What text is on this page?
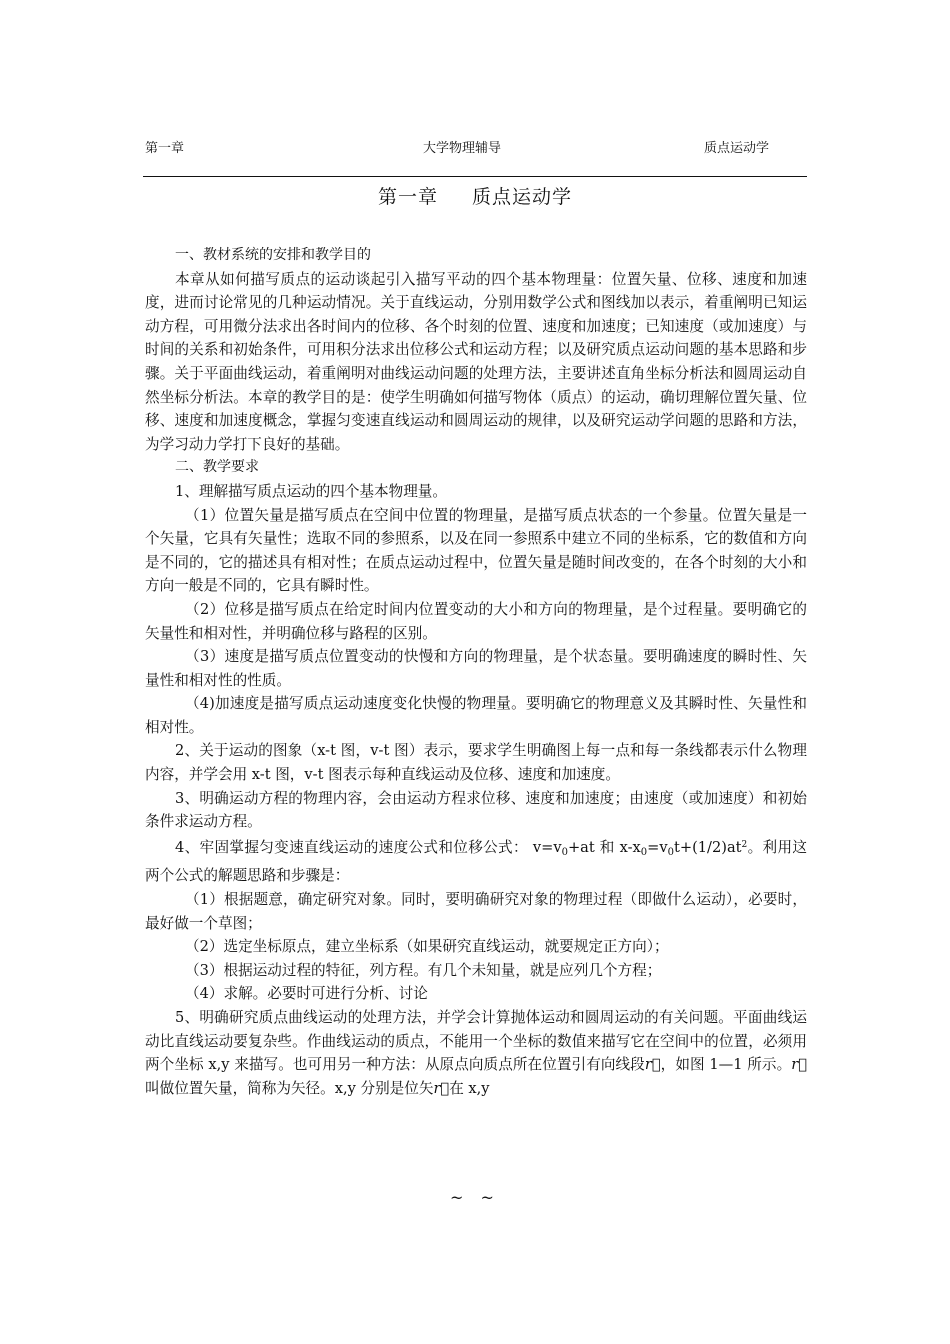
第一章	大学物理辅导	质点运动学
第一章 质点运动学

一、教材系统的安排和教学目的

本章从如何描写质点的运动谈起引入描写平动的四个基本物理量：位置矢量、位移、速度和加速度，进而讨论常见的几种运动情况。关于直线运动，分别用数学公式和图线加以表示，着重阐明已知运动方程，可用微分法求出各时间内的位移、各个时刻的位置、速度和加速度；已知速度（或加速度）与时间的关系和初始条件，可用积分法求出位移公式和运动方程；以及研究质点运动问题的基本思路和步骤。关于平面曲线运动，着重阐明对曲线运动问题的处理方法，主要讲述直角坐标分析法和圆周运动自然坐标分析法。本章的教学目的是：使学生明确如何描写物体（质点）的运动，确切理解位置矢量、位移、速度和加速度概念，掌握匀变速直线运动和圆周运动的规律，以及研究运动学问题的思路和方法，为学习动力学打下良好的基础。

二、教学要求

1、理解描写质点运动的四个基本物理量。

（1）位置矢量是描写质点在空间中位置的物理量，是描写质点状态的一个参量。位置矢量是一个矢量，它具有矢量性；选取不同的参照系，以及在同一参照系中建立不同的坐标系，它的数值和方向是不同的，它的描述具有相对性；在质点运动过程中，位置矢量是随时间改变的，在各个时刻的大小和方向一般是不同的，它具有瞬时性。

（2）位移是描写质点在给定时间内位置变动的大小和方向的物理量，是个过程量。要明确它的矢量性和相对性，并明确位移与路程的区别。

（3）速度是描写质点位置变动的快慢和方向的物理量，是个状态量。要明确速度的瞬时性、矢量性和相对性的性质。

（4)加速度是描写质点运动速度变化快慢的物理量。要明确它的物理意义及其瞬时性、矢量性和相对性。

2、关于运动的图象（x-t 图，v-t 图）表示，要求学生明确图上每一点和每一条线都表示什么物理内容，并学会用 x-t 图，v-t 图表示每种直线运动及位移、速度和加速度。

3、明确运动方程的物理内容，会由运动方程求位移、速度和加速度；由速度（或加速度）和初始条件求运动方程。

4、牢固掌握匀变速直线运动的速度公式和位移公式： $v=v_0+at$ 和 $x-x_0=v_0t+(1/2)at^2$。利用这两个公式的解题思路和步骤是：

（1）根据题意，确定研究对象。同时，要明确研究对象的物理过程（即做什么运动），必要时，最好做一个草图；

（2）选定坐标原点，建立坐标系（如果研究直线运动，就要规定正方向）；

（3）根据运动过程的特征，列方程。有几个未知量，就是应列几个方程；

（4）求解。必要时可进行分析、讨论

5、明确研究质点曲线运动的处理方法，并学会计算抛体运动和圆周运动的有关问题。平面曲线运动比直线运动要复杂些。作曲线运动的质点，不能用一个坐标的数值来描写它在空间中的位置，必须用两个坐标 x,y 来描写。也可用另一种方法：从原点向质点所在位置引有向线段r⃗，如图 1—1 所示。r⃗叫做位置矢量，简称为矢径。x,y 分别是位矢r⃗在 x,y

~ ~
